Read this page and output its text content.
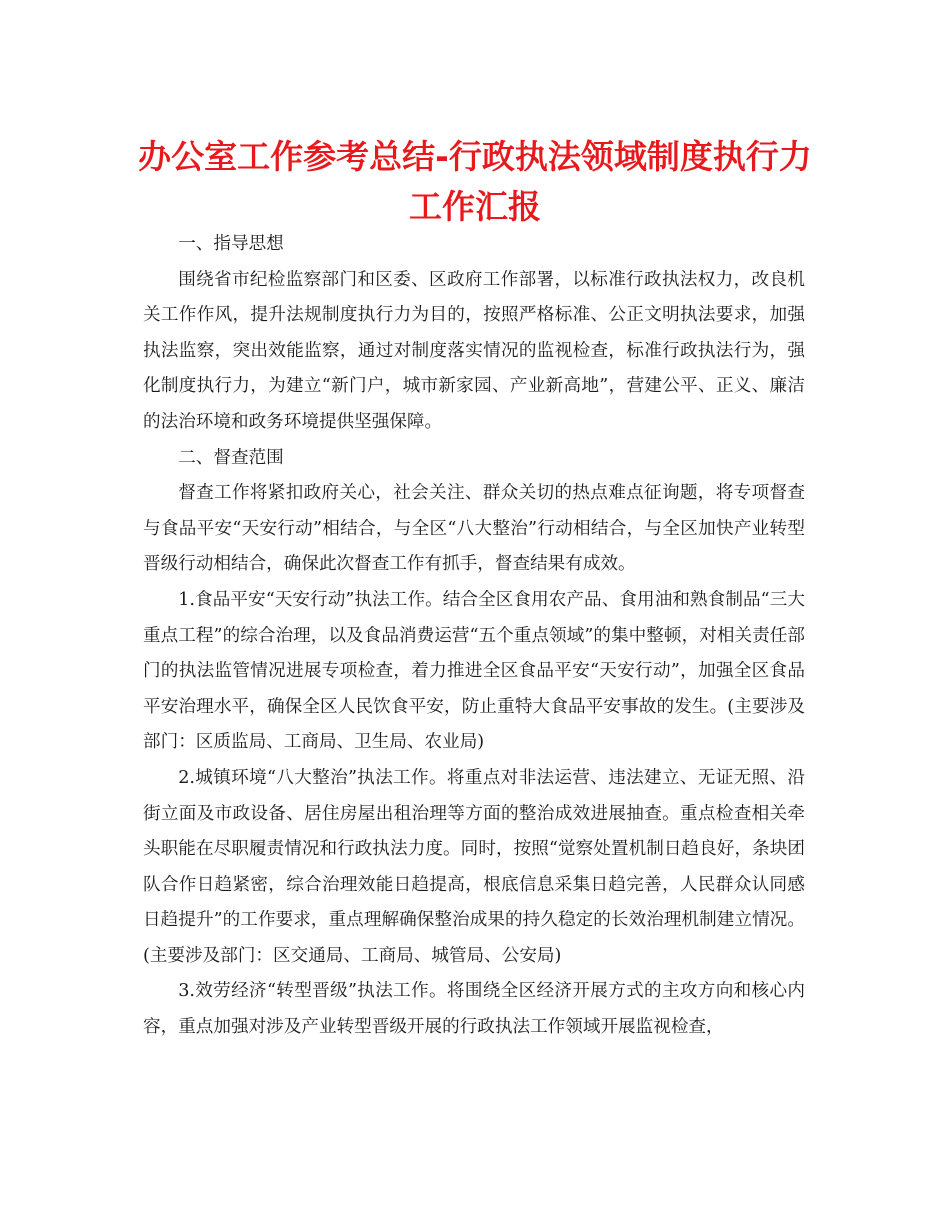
办公室工作参考总结-行政执法领域制度执行力工作汇报

一、指导思想

围绕省市纪检监察部门和区委、区政府工作部署，以标准行政执法权力，改良机关工作作风，提升法规制度执行力为目的，按照严格标准、公正文明执法要求，加强执法监察，突出效能监察，通过对制度落实情况的监视检查，标准行政执法行为，强化制度执行力，为建立“新门户，城市新家园、产业新高地”，营建公平、正义、廉洁的法治环境和政务环境提供坚强保障。

二、督查范围

督查工作将紧扣政府关心，社会关注、群众关切的热点难点征询题，将专项督查与食品平安“天安行动”相结合，与全区“八大整治”行动相结合，与全区加快产业转型晋级行动相结合，确保此次督查工作有抓手，督查结果有成效。

1.食品平安“天安行动”执法工作。结合全区食用农产品、食用油和熟食制品“三大重点工程”的综合治理，以及食品消费运营“五个重点领域”的集中整顿，对相关责任部门的执法监管情况进展专项检查，着力推进全区食品平安“天安行动”，加强全区食品平安治理水平，确保全区人民饮食平安，防止重特大食品平安事故的发生。(主要涉及部门：区质监局、工商局、卫生局、农业局)

2.城镇环境“八大整治”执法工作。将重点对非法运营、违法建立、无证无照、沿街立面及市政设备、居住房屋出租治理等方面的整治成效进展抽查。重点检查相关牵头职能在尽职履责情况和行政执法力度。同时，按照“觉察处置机制日趋良好，条块团队合作日趋紧密，综合治理效能日趋提高，根底信息采集日趋完善，人民群众认同感日趋提升”的工作要求，重点理解确保整治成果的持久稳定的长效治理机制建立情况。(主要涉及部门：区交通局、工商局、城管局、公安局)

3.效劳经济“转型晋级”执法工作。将围绕全区经济开展方式的主攻方向和核心内容，重点加强对涉及产业转型晋级开展的行政执法工作领域开展监视检查，
